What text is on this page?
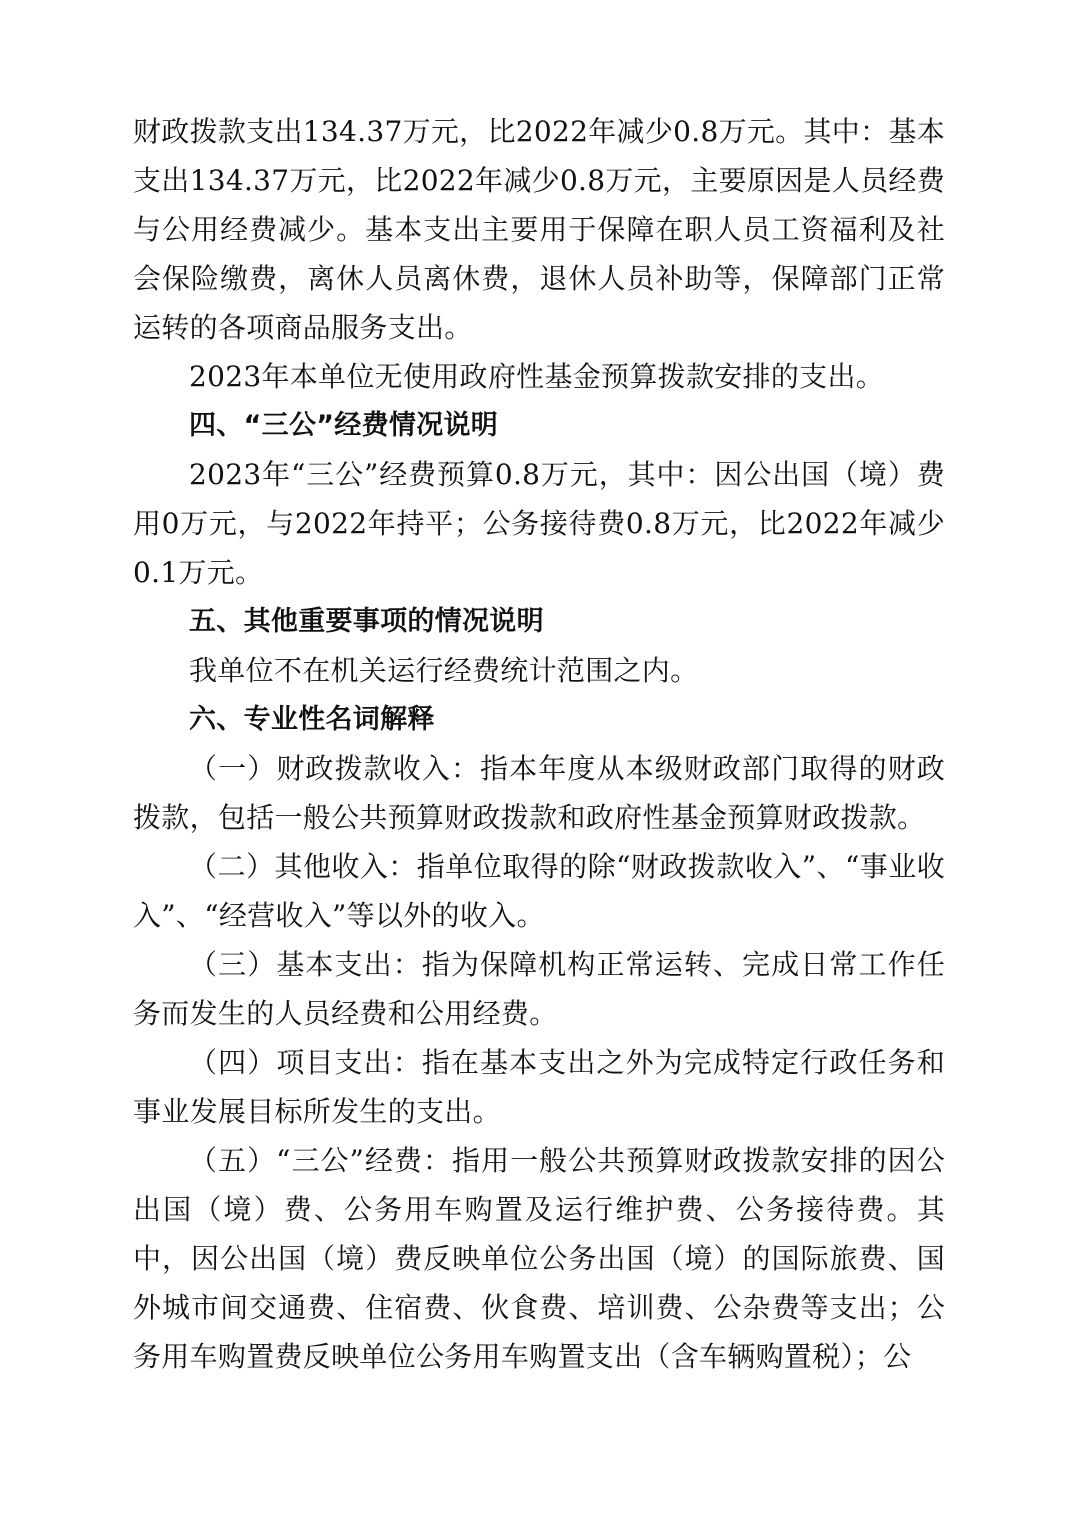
财政拨款支出134.37万元，比2022年减少0.8万元。其中：基本支出134.37万元，比2022年减少0.8万元，主要原因是人员经费与公用经费减少。基本支出主要用于保障在职人员工资福利及社会保险缴费，离休人员离休费，退休人员补助等，保障部门正常运转的各项商品服务支出。

2023年本单位无使用政府性基金预算拨款安排的支出。

四、“三公”经费情况说明

2023年“三公”经费预算0.8万元，其中：因公出国（境）费用0万元，与2022年持平；公务接待费0.8万元，比2022年减少0.1万元。

五、其他重要事项的情况说明

我单位不在机关运行经费统计范围之内。

六、专业性名词解释

（一）财政拨款收入：指本年度从本级财政部门取得的财政拨款，包括一般公共预算财政拨款和政府性基金预算财政拨款。

（二）其他收入：指单位取得的除“财政拨款收入”、“事业收入”、“经营收入”等以外的收入。

（三）基本支出：指为保障机构正常运转、完成日常工作任务而发生的人员经费和公用经费。

（四）项目支出：指在基本支出之外为完成特定行政任务和事业发展目标所发生的支出。

（五）“三公”经费：指用一般公共预算财政拨款安排的因公出国（境）费、公务用车购置及运行维护费、公务接待费。其中，因公出国（境）费反映单位公务出国（境）的国际旅费、国外城市间交通费、住宿费、伙食费、培训费、公杂费等支出；公务用车购置费反映单位公务用车购置支出（含车辆购置税）；公
